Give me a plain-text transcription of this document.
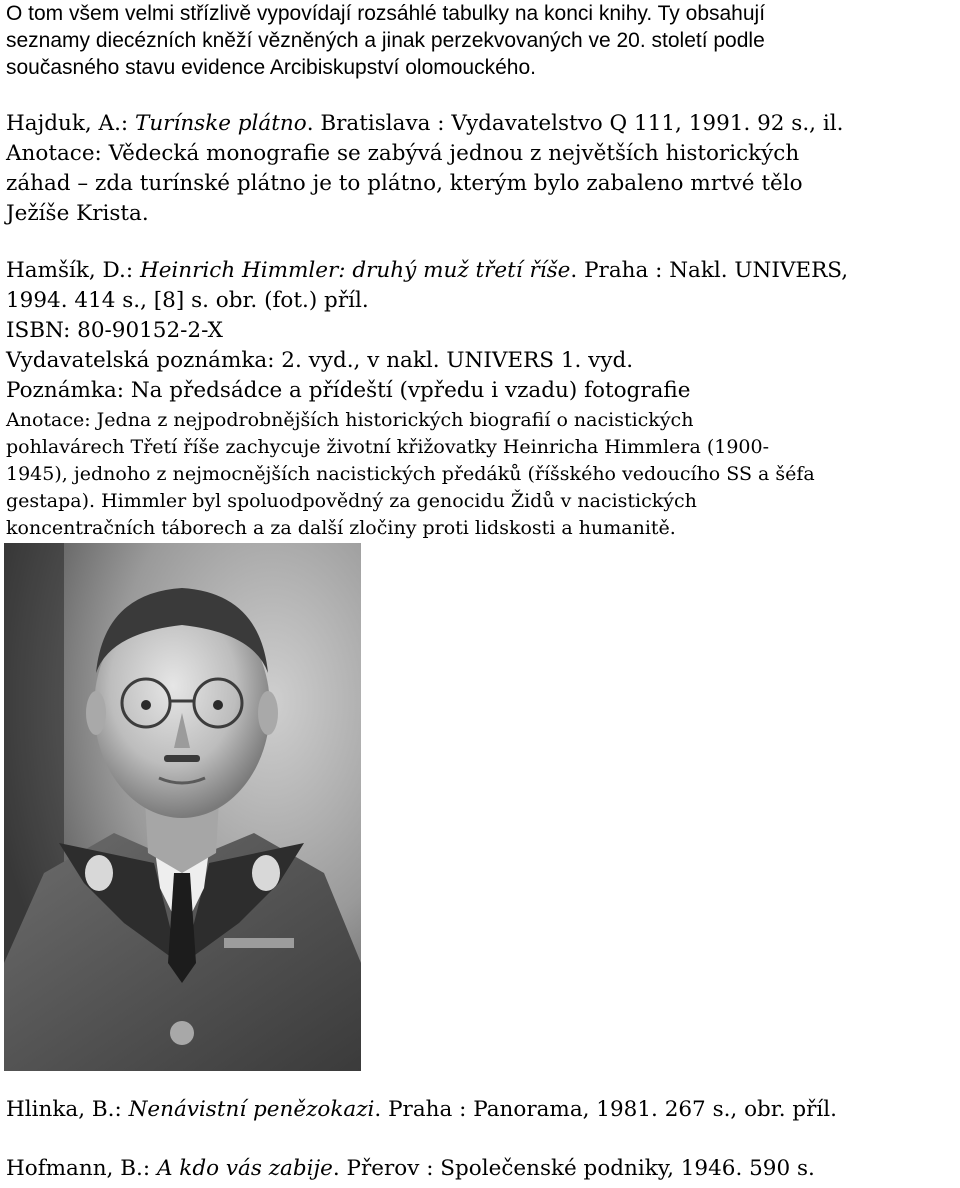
O tom všem velmi střízlivě vypovídají rozsáhlé tabulky na konci knihy. Ty obsahují
seznamy diecézních kněží vězněných a jinak perzekvovaných ve 20. století podle
současného stavu evidence Arcibiskupství olomouckého.
Hajduk, A.: Turínske plátno. Bratislava : Vydavatelstvo Q 111, 1991. 92 s., il.
Anotace: Vědecká monografie se zabývá jednou z největších historických
záhad – zda turínské plátno je to plátno, kterým bylo zabaleno mrtvé tělo
Ježíše Krista.
Hamšík, D.: Heinrich Himmler: druhý muž třetí říše. Praha : Nakl. UNIVERS,
1994. 414 s., [8] s. obr. (fot.) příl.
ISBN: 80-90152-2-X
Vydavatelská poznámka: 2. vyd., v nakl. UNIVERS 1. vyd.
Poznámka: Na předsádce a přídeští (vpředu i vzadu) fotografie
Anotace: Jedna z nejpodrobnějších historických biografií o nacistických
pohlavárech Třetí říše zachycuje životní křižovatky Heinricha Himmlera (1900-
1945), jednoho z nejmocnějších nacistických předáků (říšského vedoucího SS a šéfa
gestapa). Himmler byl spoluodpovědný za genocidu Židů v nacistických
koncentračních táborech a za další zločiny proti lidskosti a humanitě.
Hlinka, B.: Nenávistní penězokazi. Praha : Panorama, 1981. 267 s., obr. příl.
Hofmann, B.: A kdo vás zabije. Přerov : Společenské podniky, 1946. 590 s.
